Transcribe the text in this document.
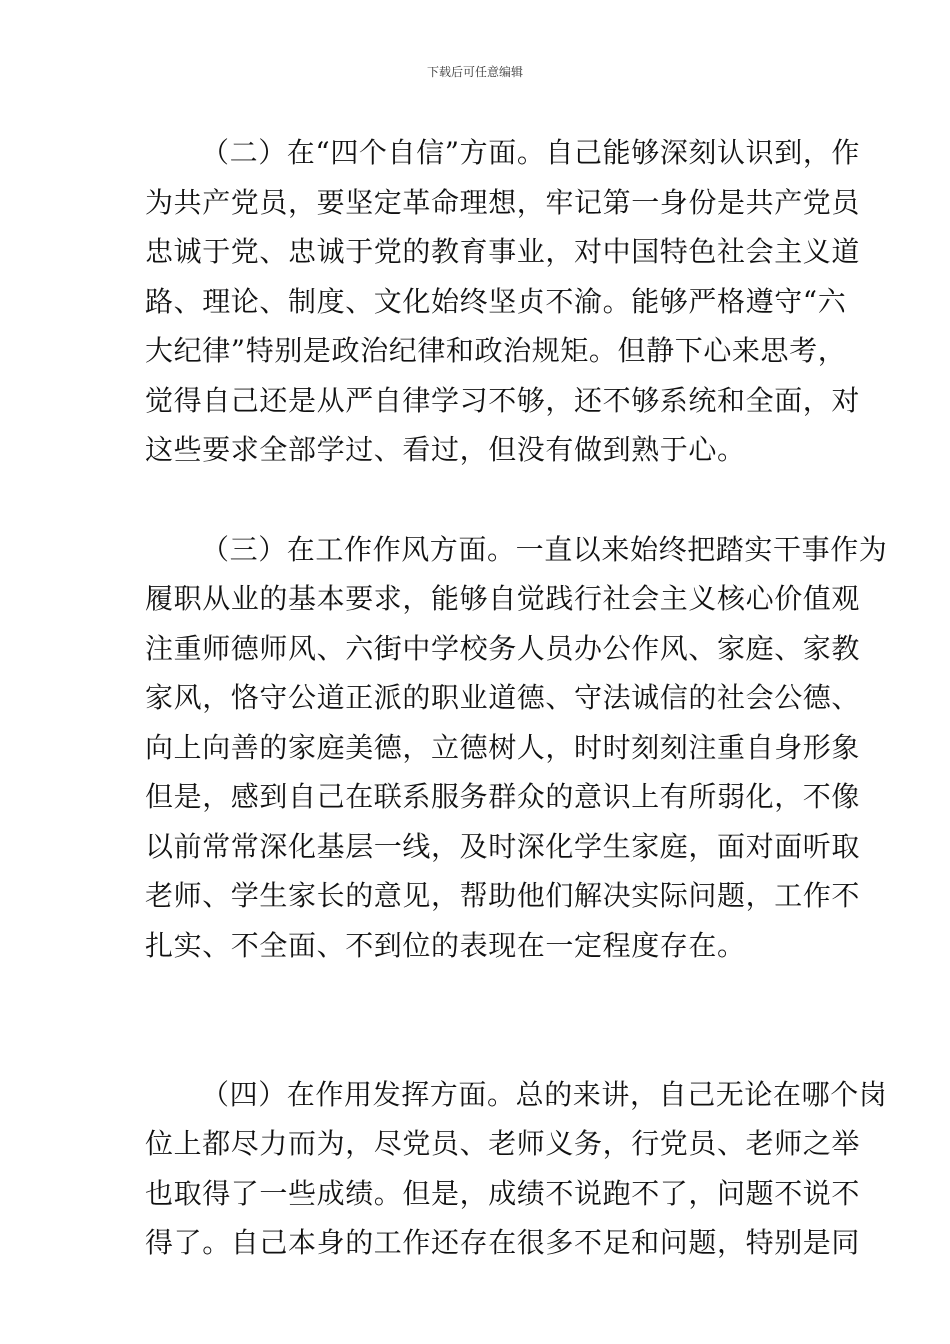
下载后可任意编辑
（二）在“四个自信”方面。自己能够深刻认识到，作
为共产党员，要坚定革命理想，牢记第一身份是共产党员
忠诚于党、忠诚于党的教育事业，对中国特色社会主义道
路、理论、制度、文化始终坚贞不渝。能够严格遵守“六
大纪律”特别是政治纪律和政治规矩。但静下心来思考，
觉得自己还是从严自律学习不够，还不够系统和全面，对
这些要求全部学过、看过，但没有做到熟于心。
（三）在工作作风方面。一直以来始终把踏实干事作为
履职从业的基本要求，能够自觉践行社会主义核心价值观
注重师德师风、六街中学校务人员办公作风、家庭、家教
家风，恪守公道正派的职业道德、守法诚信的社会公德、
向上向善的家庭美德，立德树人，时时刻刻注重自身形象
但是，感到自己在联系服务群众的意识上有所弱化，不像
以前常常深化基层一线，及时深化学生家庭，面对面听取
老师、学生家长的意见，帮助他们解决实际问题，工作不
扎实、不全面、不到位的表现在一定程度存在。
（四）在作用发挥方面。总的来讲，自己无论在哪个岗
位上都尽力而为，尽党员、老师义务，行党员、老师之举
也取得了一些成绩。但是，成绩不说跑不了，问题不说不
得了。自己本身的工作还存在很多不足和问题，特别是同
